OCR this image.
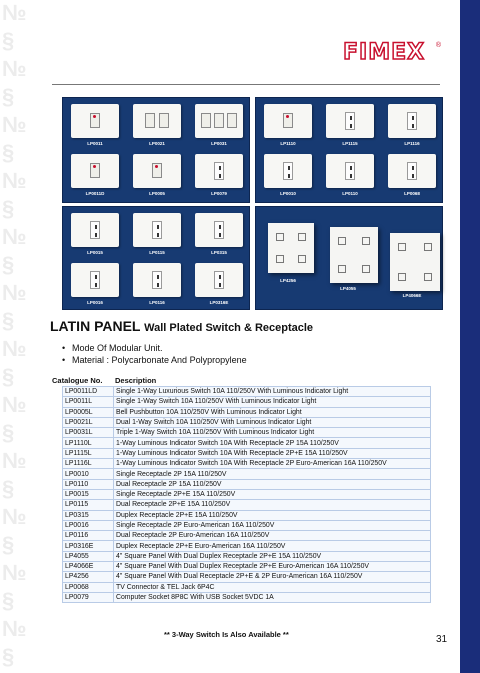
№
§
№
§
№
§
№
§
№
§
№
§
№
§
№
§
№
§
№
§
№
§
№
§
FIMEX ®
LP0011	LP0021	LP0031
LP0011D	LP0005	LP0079
LP1110	LP1115	LP1116
LP0010	LP0110	LP0068
LP0015	LP0115	LP0315
LP0016	LP0116	LP0316E
LP4256
LP4055
LP4066E
LATIN PANEL Wall Plated Switch & Receptacle
• Mode Of Modular Unit.
• Material : Polycarbonate And Polypropylene
Catalogue No. Description
LP0011LD	Single 1-Way Luxurious Switch 10A 110/250V With Luminous Indicator Light
LP0011L	Single 1-Way Switch 10A 110/250V With Luminous Indicator Light
LP0005L	Bell Pushbutton 10A 110/250V With Luminous Indicator Light
LP0021L	Dual 1-Way Switch 10A 110/250V With Luminous Indicator Light
LP0031L	Triple 1-Way Switch 10A 110/250V With Luminous Indicator Light
LP1110L	1-Way Luminous Indicator Switch 10A With Receptacle 2P 15A 110/250V
LP1115L	1-Way Luminous Indicator Switch 10A With Receptacle 2P+E 15A 110/250V
LP1116L	1-Way Luminous Indicator Switch 10A With Receptacle 2P Euro-American 16A 110/250V
LP0010	Single Receptacle 2P 15A 110/250V
LP0110	Dual Receptacle 2P 15A 110/250V
LP0015	Single Receptacle 2P+E 15A 110/250V
LP0115	Dual Receptacle 2P+E 15A 110/250V
LP0315	Duplex Receptacle 2P+E 15A 110/250V
LP0016	Single Receptacle 2P Euro-American 16A 110/250V
LP0116	Dual Receptacle 2P Euro-American 16A 110/250V
LP0316E	Duplex Receptacle 2P+E Euro-American 16A 110/250V
LP4055	4" Square Panel With Dual Duplex Receptacle 2P+E 15A 110/250V
LP4066E	4" Square Panel With Dual Duplex Receptacle 2P+E Euro-American 16A 110/250V
LP4256	4" Square Panel With Dual Receptacle 2P+E & 2P Euro-American 16A 110/250V
LP0068	TV Connector & TEL Jack 6P4C
LP0079	Computer Socket 8P8C With USB Socket 5VDC 1A
** 3-Way Switch Is Also Available **	31
